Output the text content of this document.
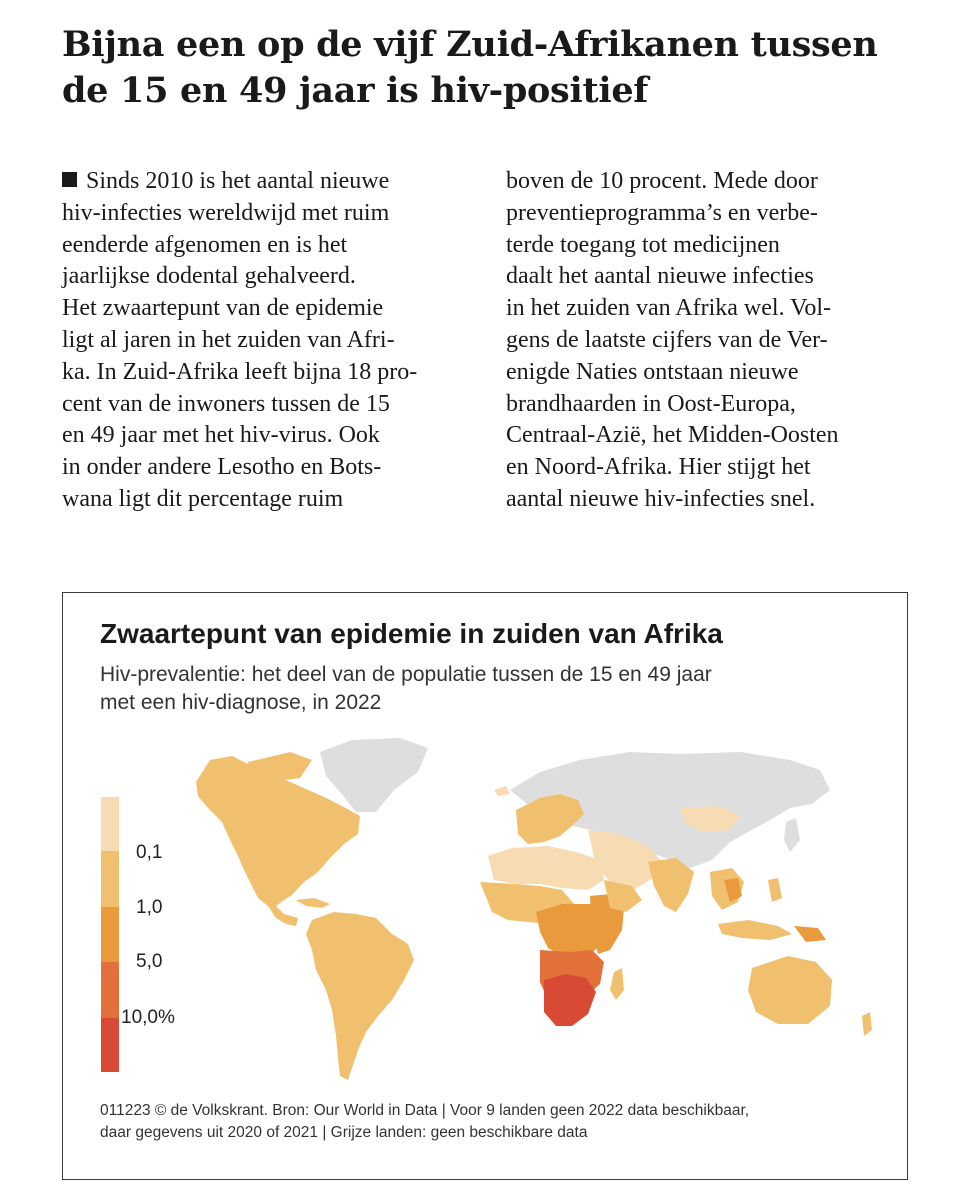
Bijna een op de vijf Zuid-Afrikanen tussen
de 15 en 49 jaar is hiv-positief
Sinds 2010 is het aantal nieuwe
hiv-infecties wereldwijd met ruim
eenderde afgenomen en is het
jaarlijkse dodental gehalveerd.
Het zwaartepunt van de epidemie
ligt al jaren in het zuiden van Afri-
ka. In Zuid-Afrika leeft bijna 18 pro-
cent van de inwoners tussen de 15
en 49 jaar met het hiv-virus. Ook
in onder andere Lesotho en Bots-
wana ligt dit percentage ruim
boven de 10 procent. Mede door
preventieprogramma’s en verbe-
terde toegang tot medicijnen
daalt het aantal nieuwe infecties
in het zuiden van Afrika wel. Vol-
gens de laatste cijfers van de Ver-
enigde Naties ontstaan nieuwe
brandhaarden in Oost-Europa,
Centraal-Azië, het Midden-Oosten
en Noord-Afrika. Hier stijgt het
aantal nieuwe hiv-infecties snel.
Zwaartepunt van epidemie in zuiden van Afrika
Hiv-prevalentie: het deel van de populatie tussen de 15 en 49 jaar
met een hiv-diagnose, in 2022
0,1
1,0
5,0
10,0%
011223 © de Volkskrant. Bron: Our World in Data | Voor 9 landen geen 2022 data beschikbaar,
daar gegevens uit 2020 of 2021 | Grijze landen: geen beschikbare data
